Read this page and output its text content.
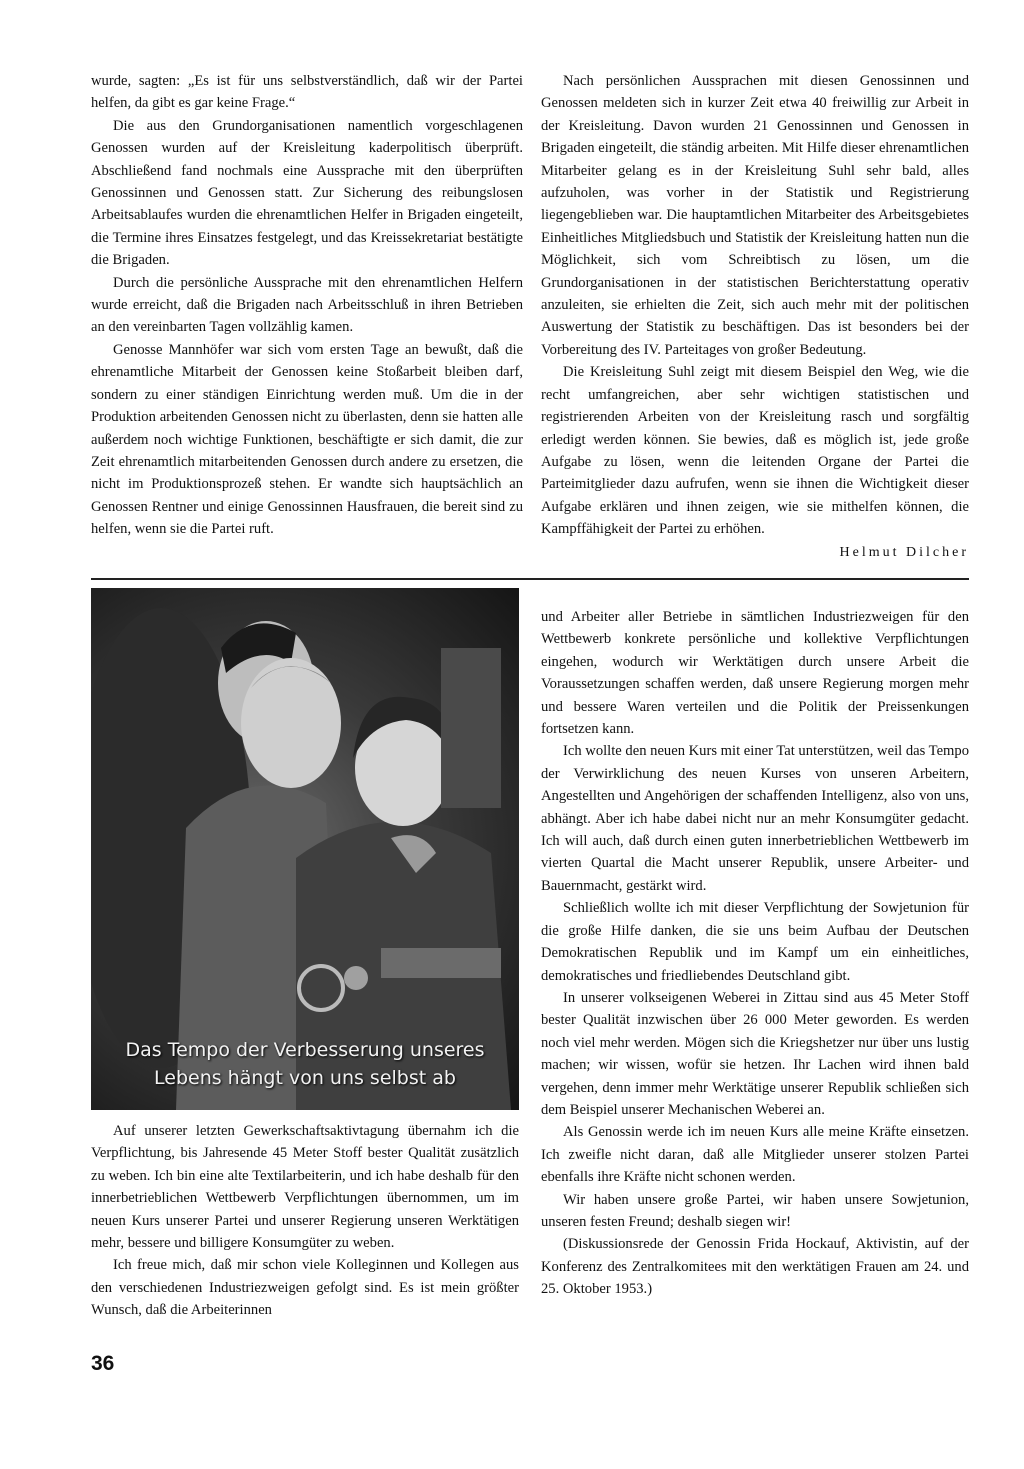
wurde, sagten: „Es ist für uns selbstverständlich, daß wir der Partei helfen, da gibt es gar keine Frage.“

Die aus den Grundorganisationen namentlich vorgeschlagenen Genossen wurden auf der Kreisleitung kaderpolitisch überprüft. Abschließend fand nochmals eine Aussprache mit den überprüften Genossinnen und Genossen statt. Zur Sicherung des reibungslosen Arbeitsablaufes wurden die ehrenamtlichen Helfer in Brigaden eingeteilt, die Termine ihres Einsatzes festgelegt, und das Kreissekretariat bestätigte die Brigaden.

Durch die persönliche Aussprache mit den ehrenamtlichen Helfern wurde erreicht, daß die Brigaden nach Arbeitsschluß in ihren Betrieben an den vereinbarten Tagen vollzählig kamen.

Genosse Mannhöfer war sich vom ersten Tage an bewußt, daß die ehrenamtliche Mitarbeit der Genossen keine Stoßarbeit bleiben darf, sondern zu einer ständigen Einrichtung werden muß. Um die in der Produktion arbeitenden Genossen nicht zu überlasten, denn sie hatten alle außerdem noch wichtige Funktionen, beschäftigte er sich damit, die zur Zeit ehrenamtlich mitarbeitenden Genossen durch andere zu ersetzen, die nicht im Produktionsprozeß stehen. Er wandte sich hauptsächlich an Genossen Rentner und einige Genossinnen Hausfrauen, die bereit sind zu helfen, wenn sie die Partei ruft.

Nach persönlichen Aussprachen mit diesen Genossinnen und Genossen meldeten sich in kurzer Zeit etwa 40 freiwillig zur Arbeit in der Kreisleitung. Davon wurden 21 Genossinnen und Genossen in Brigaden eingeteilt, die ständig arbeiten. Mit Hilfe dieser ehrenamtlichen Mitarbeiter gelang es in der Kreisleitung Suhl sehr bald, alles aufzuholen, was vorher in der Statistik und Registrierung liegengeblieben war. Die hauptamtlichen Mitarbeiter des Arbeitsgebietes Einheitliches Mitgliedsbuch und Statistik der Kreisleitung hatten nun die Möglichkeit, sich vom Schreibtisch zu lösen, um die Grundorganisationen in der statistischen Berichterstattung operativ anzuleiten, sie erhielten die Zeit, sich auch mehr mit der politischen Auswertung der Statistik zu beschäftigen. Das ist besonders bei der Vorbereitung des IV. Parteitages von großer Bedeutung.

Die Kreisleitung Suhl zeigt mit diesem Beispiel den Weg, wie die recht umfangreichen, aber sehr wichtigen statistischen und registrierenden Arbeiten von der Kreisleitung rasch und sorgfältig erledigt werden können. Sie bewies, daß es möglich ist, jede große Aufgabe zu lösen, wenn die leitenden Organe der Partei die Parteimitglieder dazu aufrufen, wenn sie ihnen die Wichtigkeit dieser Aufgabe erklären und ihnen zeigen, wie sie mithelfen können, die Kampffähigkeit der Partei zu erhöhen.

Helmut Dilcher
Das Tempo der Verbesserung unseres
Lebens hängt von uns selbst ab

Auf unserer letzten Gewerkschaftsaktivtagung übernahm ich die Verpflichtung, bis Jahresende 45 Meter Stoff bester Qualität zusätzlich zu weben. Ich bin eine alte Textilarbeiterin, und ich habe deshalb für den innerbetrieblichen Wettbewerb Verpflichtungen übernommen, um im neuen Kurs unserer Partei und unserer Regierung unseren Werktätigen mehr, bessere und billigere Konsumgüter zu weben.

Ich freue mich, daß mir schon viele Kolleginnen und Kollegen aus den verschiedenen Industriezweigen gefolgt sind. Es ist mein größter Wunsch, daß die Arbeiterinnen

und Arbeiter aller Betriebe in sämtlichen Industriezweigen für den Wettbewerb konkrete persönliche und kollektive Verpflichtungen eingehen, wodurch wir Werktätigen durch unsere Arbeit die Voraussetzungen schaffen werden, daß unsere Regierung morgen mehr und bessere Waren verteilen und die Politik der Preissenkungen fortsetzen kann.

Ich wollte den neuen Kurs mit einer Tat unterstützen, weil das Tempo der Verwirklichung des neuen Kurses von unseren Arbeitern, Angestellten und Angehörigen der schaffenden Intelligenz, also von uns, abhängt. Aber ich habe dabei nicht nur an mehr Konsumgüter gedacht. Ich will auch, daß durch einen guten innerbetrieblichen Wettbewerb im vierten Quartal die Macht unserer Republik, unsere Arbeiter- und Bauernmacht, gestärkt wird.

Schließlich wollte ich mit dieser Verpflichtung der Sowjetunion für die große Hilfe danken, die sie uns beim Aufbau der Deutschen Demokratischen Republik und im Kampf um ein einheitliches, demokratisches und friedliebendes Deutschland gibt.

In unserer volkseigenen Weberei in Zittau sind aus 45 Meter Stoff bester Qualität inzwischen über 26 000 Meter geworden. Es werden noch viel mehr werden. Mögen sich die Kriegshetzer nur über uns lustig machen; wir wissen, wofür sie hetzen. Ihr Lachen wird ihnen bald vergehen, denn immer mehr Werktätige unserer Republik schließen sich dem Beispiel unserer Mechanischen Weberei an.

Als Genossin werde ich im neuen Kurs alle meine Kräfte einsetzen. Ich zweifle nicht daran, daß alle Mitglieder unserer stolzen Partei ebenfalls ihre Kräfte nicht schonen werden.

Wir haben unsere große Partei, wir haben unsere Sowjetunion, unseren festen Freund; deshalb siegen wir!

(Diskussionsrede der Genossin Frida Hockauf, Aktivistin, auf der Konferenz des Zentralkomitees mit den werktätigen Frauen am 24. und 25. Oktober 1953.)

36
